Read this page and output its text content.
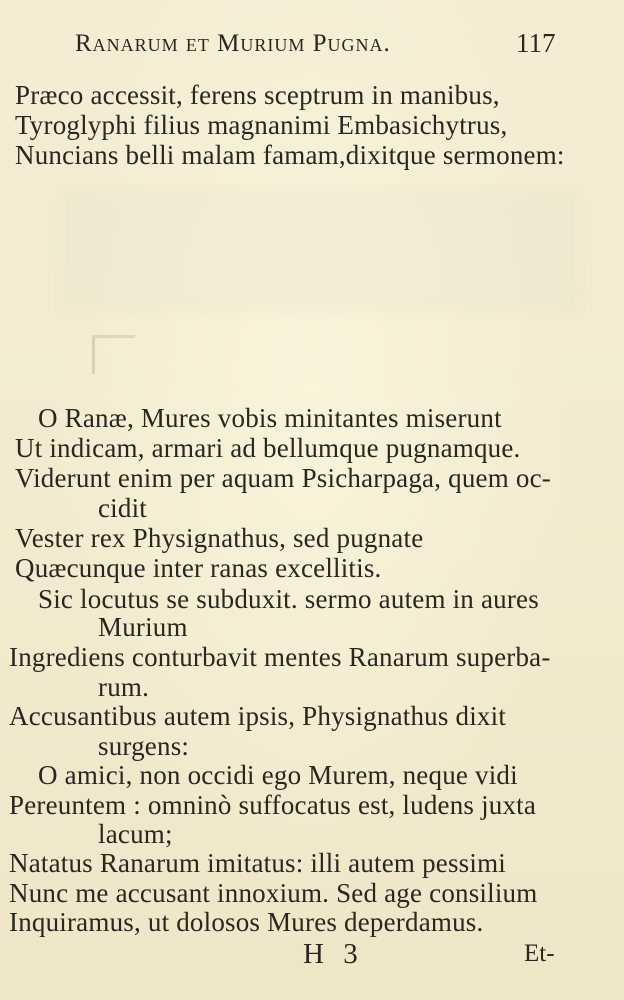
Ranarum et Murium Pugna.	117
Præco accessit, ferens sceptrum in manibus,
Tyroglyphi filius magnanimi Embasichytrus,
Nuncians belli malam famam,dixitque sermonem:
O Ranæ, Mures vobis minitantes miserunt
Ut indicam, armari ad bellumque pugnamque.
Viderunt enim per aquam Psicharpaga, quem oc-
cidit
Vester rex Physignathus, sed pugnate
Quæcunque inter ranas excellitis.
Sic locutus se subduxit. sermo autem in aures
Murium
Ingrediens conturbavit mentes Ranarum superba-
rum.
Accusantibus autem ipsis, Physignathus dixit
surgens:
O amici, non occidi ego Murem, neque vidi
Pereuntem : omninò suffocatus est, ludens juxta
lacum;
Natatus Ranarum imitatus: illi autem pessimi
Nunc me accusant innoxium. Sed age consilium
Inquiramus, ut dolosos Mures deperdamus.
H 3	Et-
